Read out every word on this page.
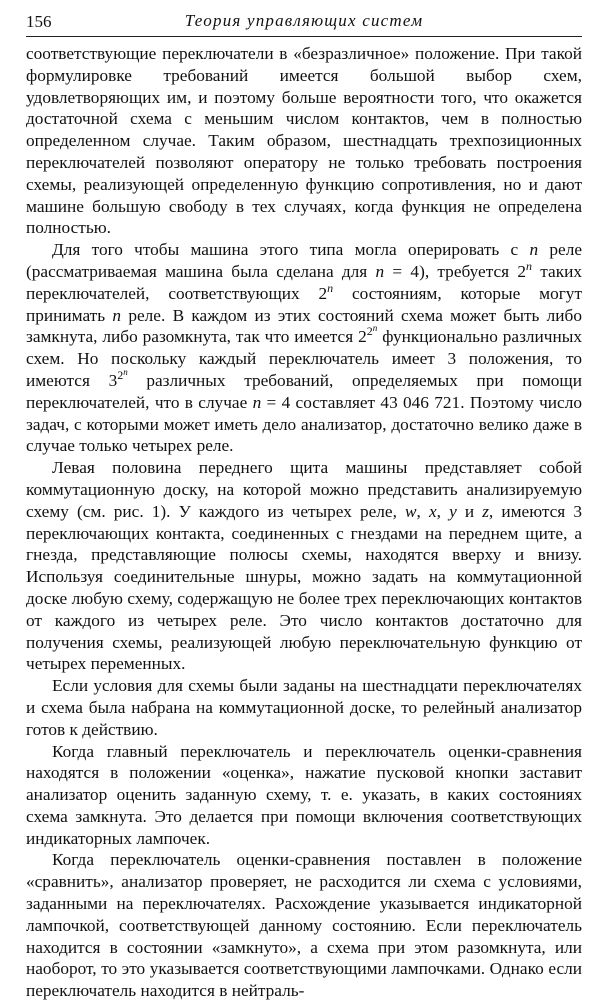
156	Теория управляющих систем

соответствующие переключатели в «безразличное» положение. При такой формулировке требований имеется большой выбор схем, удовлетворяющих им, и поэтому больше вероятности того, что окажется достаточной схема с меньшим числом контактов, чем в полностью определенном случае. Таким образом, шестнадцать трехпозиционных переключателей позволяют оператору не только требовать построения схемы, реализующей определенную функцию сопротивления, но и дают машине большую свободу в тех случаях, когда функция не определена полностью.

Для того чтобы машина этого типа могла оперировать с n реле (рассматриваемая машина была сделана для n = 4), требуется 2$^n$ таких переключателей, соответствующих 2$^n$ состояниям, которые могут принимать n реле. В каждом из этих состояний схема может быть либо замкнута, либо разомкнута, так что имеется $2^{2^n}$ функционально различных схем. Но поскольку каждый переключатель имеет 3 положения, то имеются $3^{2^n}$ различных требований, определяемых при помощи переключателей, что в случае n = 4 составляет 43 046 721. Поэтому число задач, с которыми может иметь дело анализатор, достаточно велико даже в случае только четырех реле.

Левая половина переднего щита машины представляет собой коммутационную доску, на которой можно представить анализируемую схему (см. рис. 1). У каждого из четырех реле, w, x, y и z, имеются 3 переключающих контакта, соединенных с гнездами на переднем щите, а гнезда, представляющие полюсы схемы, находятся вверху и внизу. Используя соединительные шнуры, можно задать на коммутационной доске любую схему, содержащую не более трех переключающих контактов от каждого из четырех реле. Это число контактов достаточно для получения схемы, реализующей любую переключательную функцию от четырех переменных.

Если условия для схемы были заданы на шестнадцати переключателях и схема была набрана на коммутационной доске, то релейный анализатор готов к действию.

Когда главный переключатель и переключатель оценки-сравнения находятся в положении «оценка», нажатие пусковой кнопки заставит анализатор оценить заданную схему, т. е. указать, в каких состояниях схема замкнута. Это делается при помощи включения соответствующих индикаторных лампочек.

Когда переключатель оценки-сравнения поставлен в положение «сравнить», анализатор проверяет, не расходится ли схема с условиями, заданными на переключателях. Расхождение указывается индикаторной лампочкой, соответствующей данному состоянию. Если переключатель находится в состоянии «замкнуто», а схема при этом разомкнута, или наоборот, то это указывается соответствующими лампочками. Однако если переключатель находится в нейтраль-
